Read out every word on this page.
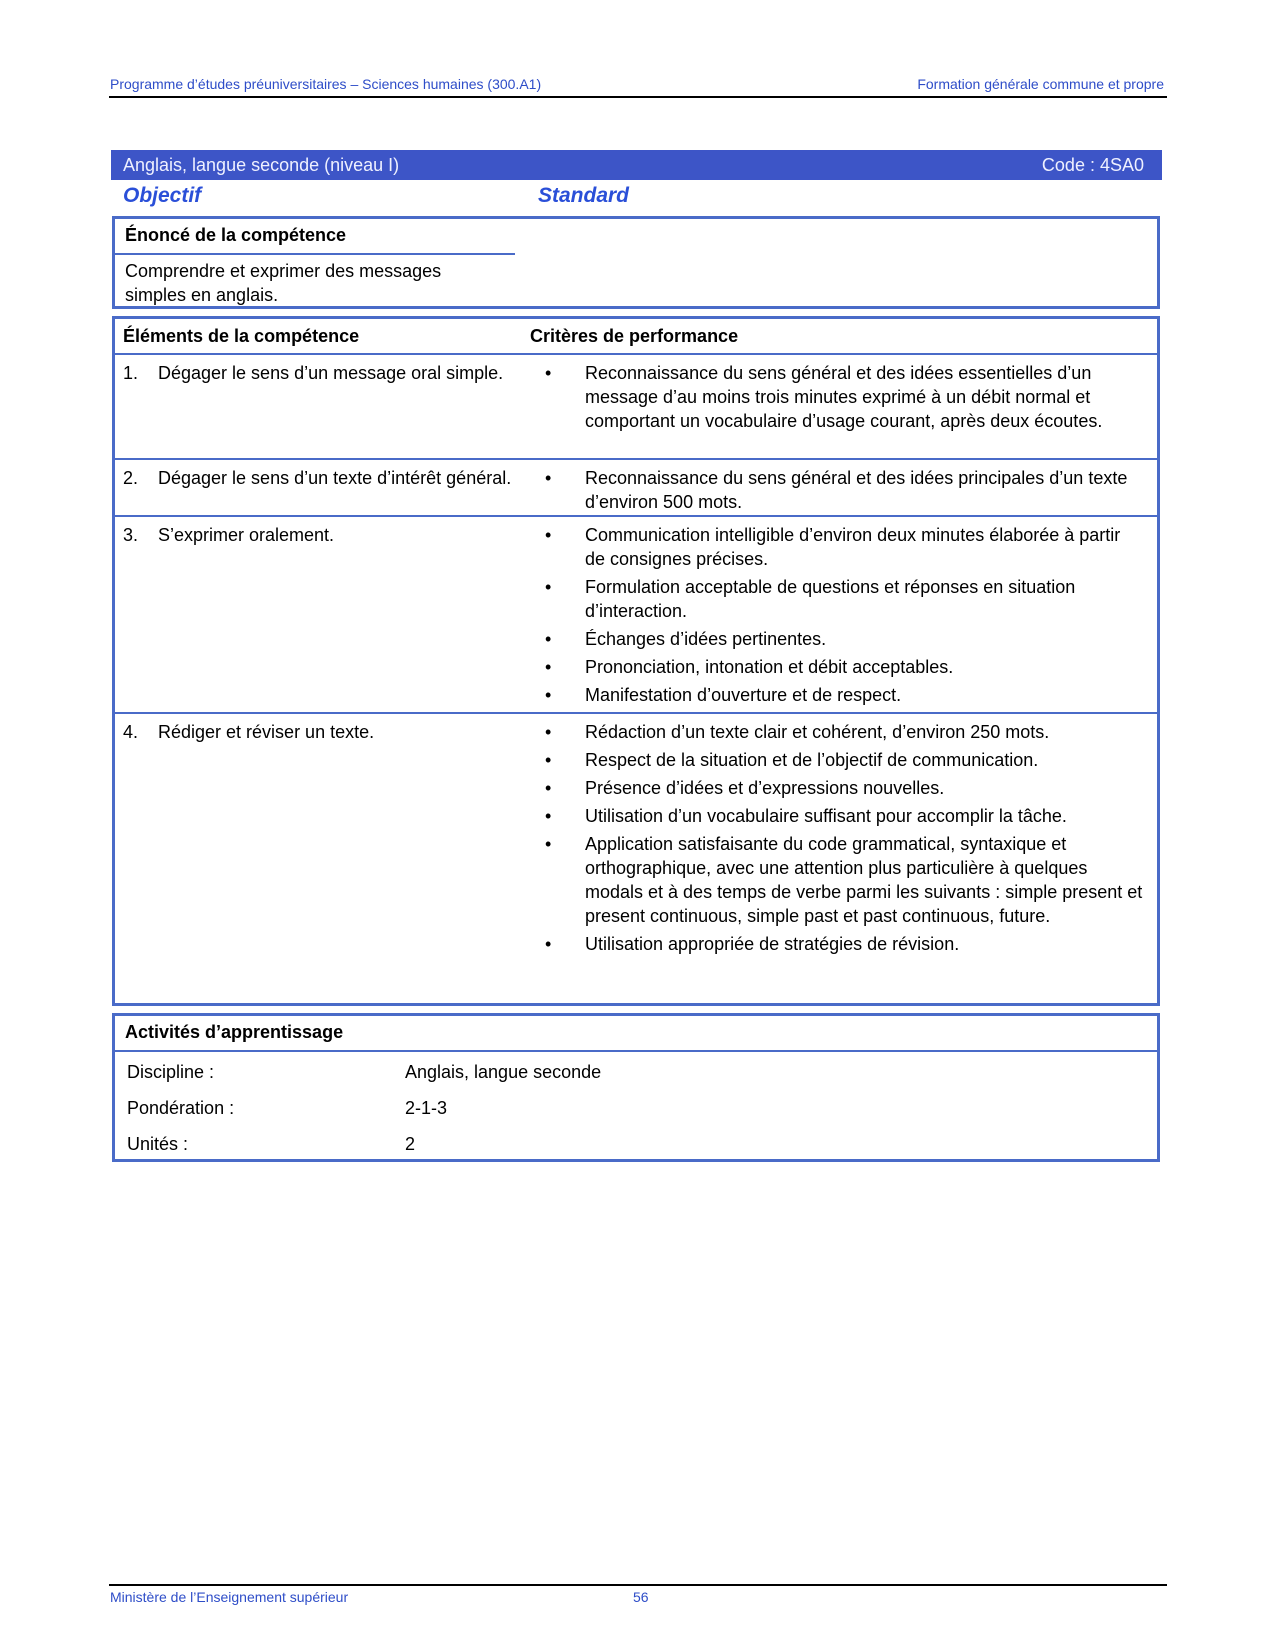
Programme d’études préuniversitaires – Sciences humaines (300.A1)	Formation générale commune et propre
Anglais, langue seconde (niveau I)	Code : 4SA0
Objectif	Standard
Énoncé de la compétence
Comprendre et exprimer des messages simples en anglais.
Éléments de la compétence	Critères de performance
1. Dégager le sens d’un message oral simple.	• Reconnaissance du sens général et des idées essentielles d’un message d’au moins trois minutes exprimé à un débit normal et comportant un vocabulaire d’usage courant, après deux écoutes.
2. Dégager le sens d’un texte d’intérêt général.	• Reconnaissance du sens général et des idées principales d’un texte d’environ 500 mots.
3. S’exprimer oralement.	• Communication intelligible d’environ deux minutes élaborée à partir de consignes précises.
• Formulation acceptable de questions et réponses en situation d’interaction.
• Échanges d’idées pertinentes.
• Prononciation, intonation et débit acceptables.
• Manifestation d’ouverture et de respect.
4. Rédiger et réviser un texte.	• Rédaction d’un texte clair et cohérent, d’environ 250 mots.
• Respect de la situation et de l’objectif de communication.
• Présence d’idées et d’expressions nouvelles.
• Utilisation d’un vocabulaire suffisant pour accomplir la tâche.
• Application satisfaisante du code grammatical, syntaxique et orthographique, avec une attention plus particulière à quelques modals et à des temps de verbe parmi les suivants : simple present et present continuous, simple past et past continuous, future.
• Utilisation appropriée de stratégies de révision.
Activités d’apprentissage
Discipline :	Anglais, langue seconde
Pondération :	2-1-3
Unités :	2
Ministère de l’Enseignement supérieur	56
